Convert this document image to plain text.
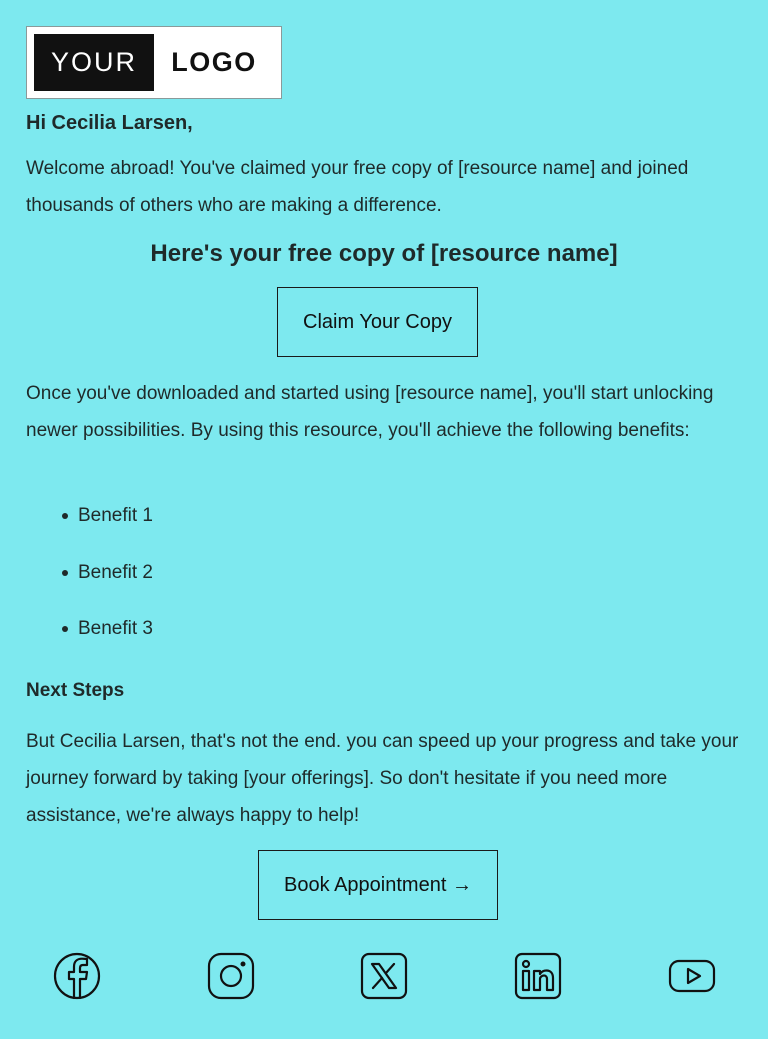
YOUR	LOGO
Hi Cecilia Larsen,

Welcome abroad! You've claimed your free copy of [resource name] and joined thousands of others who are making a difference.

Here's your free copy of [resource name]
Claim Your Copy

Once you've downloaded and started using [resource name], you'll start unlocking newer possibilities. By using this resource, you'll achieve the following benefits:

Benefit 1
Benefit 2
Benefit 3
Next Steps

But Cecilia Larsen, that's not the end. you can speed up your progress and take your journey forward by taking [your offerings]. So don't hesitate if you need more assistance, we're always happy to help!

Book Appointment →
